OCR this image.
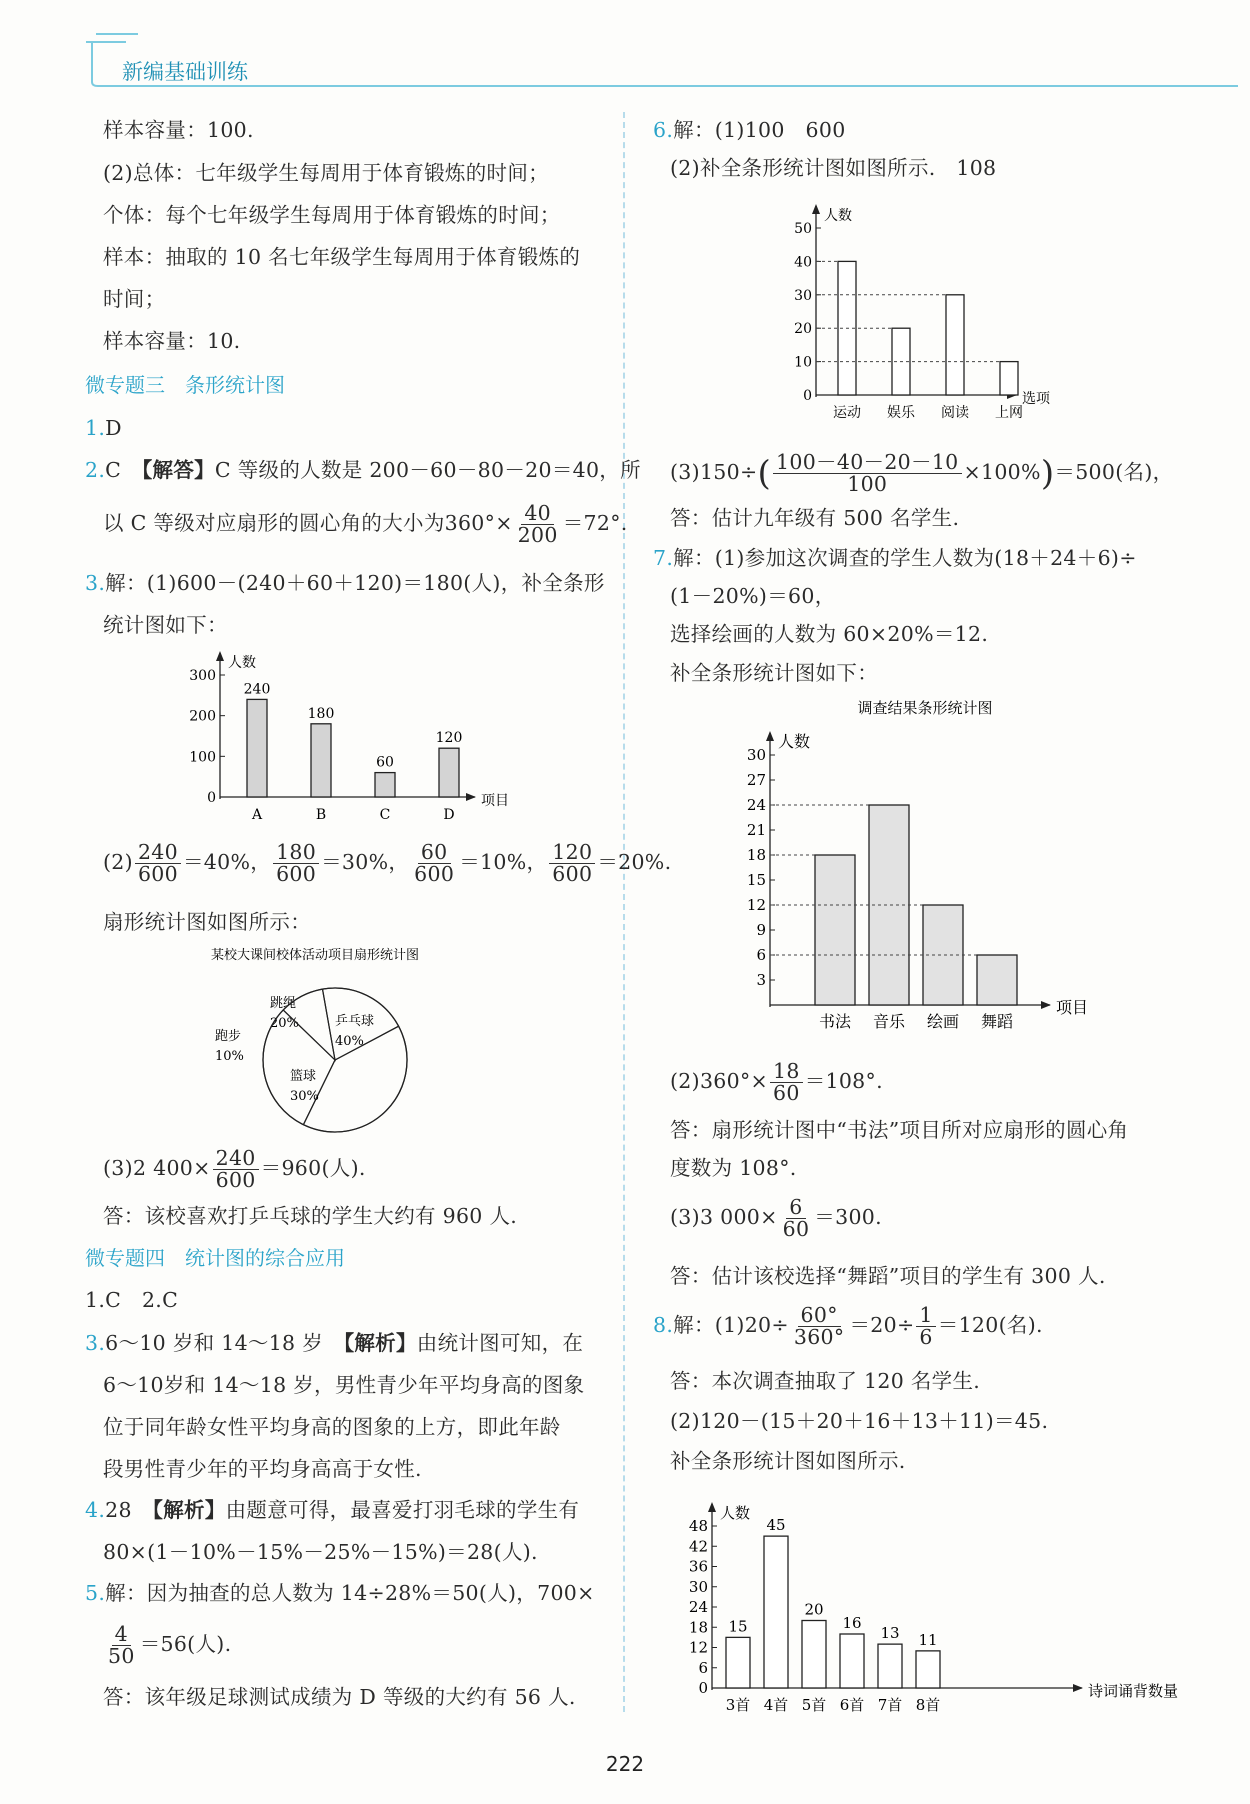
新编基础训练
样本容量：100.
(2)总体：七年级学生每周用于体育锻炼的时间；
个体：每个七年级学生每周用于体育锻炼的时间；
样本：抽取的 10 名七年级学生每周用于体育锻炼的
时间；
样本容量：10.
微专题三　条形统计图
1.D
2.C　【解答】C 等级的人数是 200－60－80－20＝40，所
以 C 等级对应扇形的圆心角的大小为$360^\circ\times \frac{40}{200} =72^\circ$.
3.解：(1)600－(240＋60＋120)＝180(人)，补全条形
统计图如下：
人数
项目
0
100
200
300
A
240
B
180
C
60
D
120
$(2) \frac{240}{600} =40\%$， $\frac{180}{600} =30\%$， $\frac{60}{600} =10\%$， $\frac{120}{600} =20\%$.
扇形统计图如图所示：
某校大课间校体活动项目扇形统计图
跳绳
20%	乒乓球
40%
篮球
30%
跑步
10%
(3)2 $400\times \frac{240}{600} =960$(人).
答：该校喜欢打乒乓球的学生大约有 960 人.
微专题四　统计图的综合应用
1.C　2.C
3.6～10 岁和 14～18 岁　【解析】由统计图可知，在
6～10岁和 14～18 岁，男性青少年平均身高的图象
位于同年龄女性平均身高的图象的上方，即此年龄
段男性青少年的平均身高高于女性.
4.28　【解析】由题意可得，最喜爱打羽毛球的学生有
80×(1－10%－15%－25%－15%)＝28(人).
5.解：因为抽查的总人数为 14÷28%＝50(人)，700×
$\frac{4}{50} =56$(人).
答：该年级足球测试成绩为 D 等级的大约有 56 人.
6.解：(1)100　600
(2)补全条形统计图如图所示.　108
人数
选项
0
10
20
30
40
50
运动 娱乐 阅读 上网
$(3)150\div( \frac{100-40-20-10}{100} \times 100\%)=500$(名)，
答：估计九年级有 500 名学生.
7.解：(1)参加这次调查的学生人数为(18＋24＋6)÷
(1－20%)＝60，
选择绘画的人数为 60×20%＝12.
补全条形统计图如下：
调查结果条形统计图
人数
项目
3
6
9
12
15
18
21
24
27
30
书法 音乐 绘画 舞蹈
$(2)360^\circ\times \frac{18}{60} =108^\circ$.
答：扇形统计图中“书法”项目所对应扇形的圆心角
度数为 108°.
(3)3 $000\times \frac{6}{60} =300$.
答：估计该校选择“舞蹈”项目的学生有 300 人.
8.解：$(1)20\div \frac{60^\circ}{360^\circ} =20\div \frac{1}{6} =120$(名).
答：本次调查抽取了 120 名学生.
(2)120－(15＋20＋16＋13＋11)＝45.
补全条形统计图如图所示.
人数
诗词诵背数量
0
6
12
18
24
30
36
42
48
3首
15
4首
45
5首
20
6首
16
7首
13
8首
11
222
